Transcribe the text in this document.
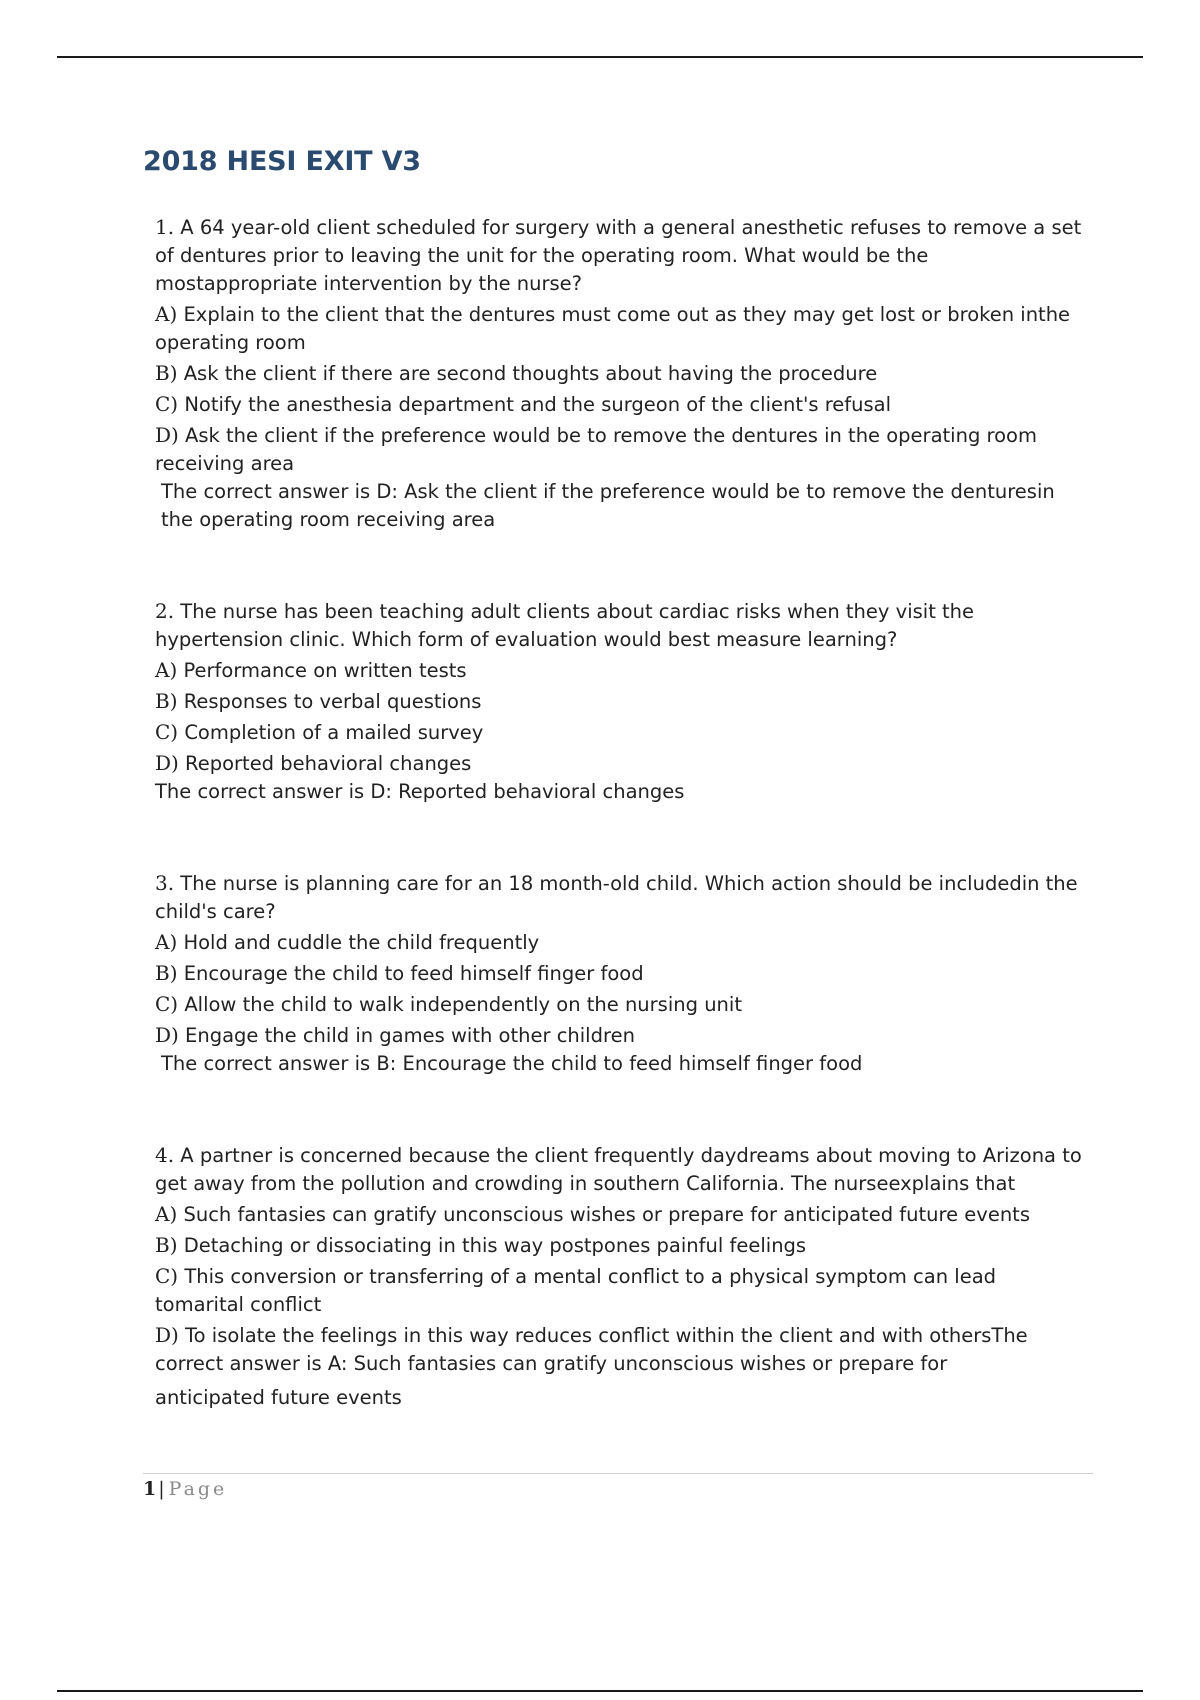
2018 HESI EXIT V3

1. A 64 year-old client scheduled for surgery with a general anesthetic refuses to remove a set of dentures prior to leaving the unit for the operating room. What would be the mostappropriate intervention by the nurse?

A) Explain to the client that the dentures must come out as they may get lost or broken inthe operating room

B) Ask the client if there are second thoughts about having the procedure

C) Notify the anesthesia department and the surgeon of the client's refusal

D) Ask the client if the preference would be to remove the dentures in the operating room receiving area

The correct answer is D: Ask the client if the preference would be to remove the denturesin the operating room receiving area

2. The nurse has been teaching adult clients about cardiac risks when they visit the hypertension clinic. Which form of evaluation would best measure learning?

A) Performance on written tests

B) Responses to verbal questions

C) Completion of a mailed survey

D) Reported behavioral changes

The correct answer is D: Reported behavioral changes

3. The nurse is planning care for an 18 month-old child. Which action should be includedin the child's care?

A) Hold and cuddle the child frequently

B) Encourage the child to feed himself finger food

C) Allow the child to walk independently on the nursing unit

D) Engage the child in games with other children

The correct answer is B: Encourage the child to feed himself finger food

4. A partner is concerned because the client frequently daydreams about moving to Arizona to get away from the pollution and crowding in southern California. The nurseexplains that

A) Such fantasies can gratify unconscious wishes or prepare for anticipated future events

B) Detaching or dissociating in this way postpones painful feelings

C) This conversion or transferring of a mental conflict to a physical symptom can lead tomarital conflict

D) To isolate the feelings in this way reduces conflict within the client and with othersThe correct answer is A: Such fantasies can gratify unconscious wishes or prepare for

anticipated future events

1 | Page
